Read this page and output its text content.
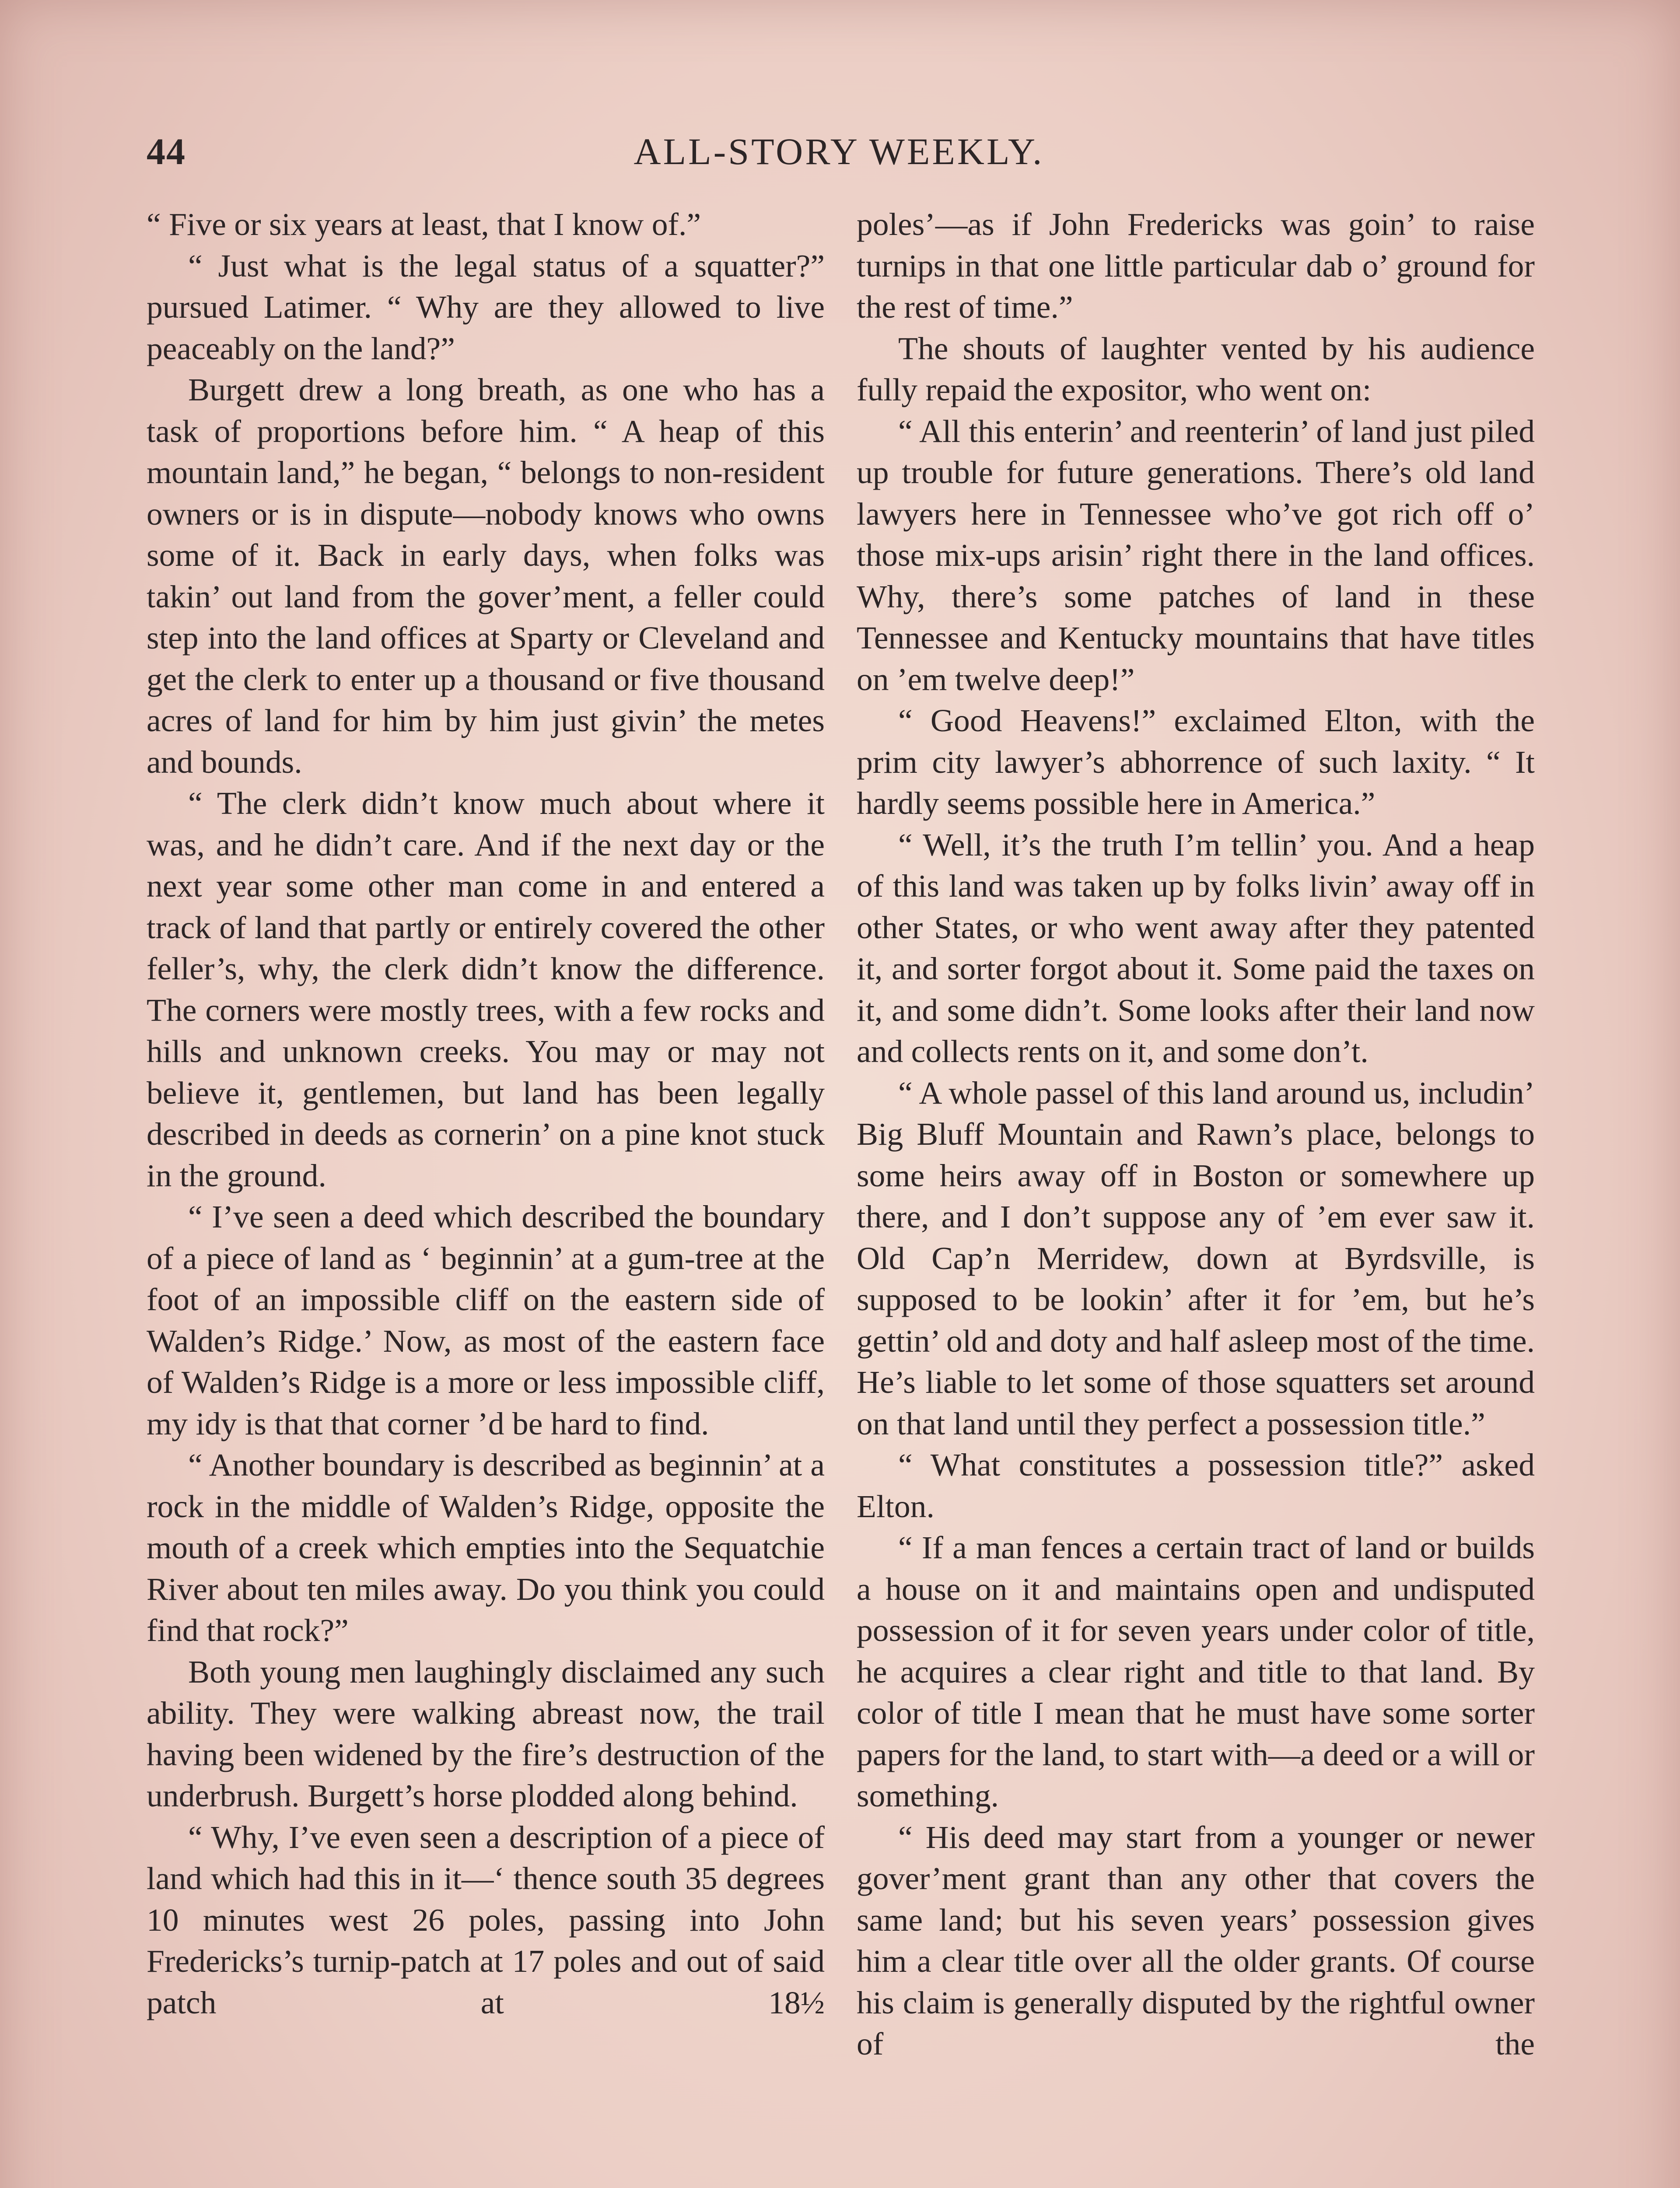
44	ALL-STORY WEEKLY.

“ Five or six years at least, that I know of.”

“ Just what is the legal status of a squatter?” pursued Latimer. “ Why are they allowed to live peaceably on the land?”

Burgett drew a long breath, as one who has a task of proportions before him. “ A heap of this mountain land,” he began, “ belongs to non-resident owners or is in dispute—nobody knows who owns some of it. Back in early days, when folks was takin’ out land from the gover’ment, a feller could step into the land offices at Sparty or Cleveland and get the clerk to enter up a thousand or five thousand acres of land for him by him just givin’ the metes and bounds.

“ The clerk didn’t know much about where it was, and he didn’t care. And if the next day or the next year some other man come in and entered a track of land that partly or entirely covered the other feller’s, why, the clerk didn’t know the difference. The corners were mostly trees, with a few rocks and hills and unknown creeks. You may or may not believe it, gentlemen, but land has been legally described in deeds as cornerin’ on a pine knot stuck in the ground.

“ I’ve seen a deed which described the boundary of a piece of land as ‘ beginnin’ at a gum-tree at the foot of an impossible cliff on the eastern side of Walden’s Ridge.’ Now, as most of the eastern face of Walden’s Ridge is a more or less impossible cliff, my idy is that that corner ’d be hard to find.

“ Another boundary is described as beginnin’ at a rock in the middle of Walden’s Ridge, opposite the mouth of a creek which empties into the Sequatchie River about ten miles away. Do you think you could find that rock?”

Both young men laughingly disclaimed any such ability. They were walking abreast now, the trail having been widened by the fire’s destruction of the underbrush. Burgett’s horse plodded along behind.

“ Why, I’ve even seen a description of a piece of land which had this in it—‘ thence south 35 degrees 10 minutes west 26 poles, passing into John Fredericks’s turnip-patch at 17 poles and out of said patch at 18½

poles’—as if John Fredericks was goin’ to raise turnips in that one little particular dab o’ ground for the rest of time.”

The shouts of laughter vented by his audience fully repaid the expositor, who went on:

“ All this enterin’ and reenterin’ of land just piled up trouble for future generations. There’s old land lawyers here in Tennessee who’ve got rich off o’ those mix-ups arisin’ right there in the land offices. Why, there’s some patches of land in these Tennessee and Kentucky mountains that have titles on ’em twelve deep!”

“ Good Heavens!” exclaimed Elton, with the prim city lawyer’s abhorrence of such laxity. “ It hardly seems possible here in America.”

“ Well, it’s the truth I’m tellin’ you. And a heap of this land was taken up by folks livin’ away off in other States, or who went away after they patented it, and sorter forgot about it. Some paid the taxes on it, and some didn’t. Some looks after their land now and collects rents on it, and some don’t.

“ A whole passel of this land around us, includin’ Big Bluff Mountain and Rawn’s place, belongs to some heirs away off in Boston or somewhere up there, and I don’t suppose any of ’em ever saw it. Old Cap’n Merridew, down at Byrdsville, is supposed to be lookin’ after it for ’em, but he’s gettin’ old and doty and half asleep most of the time. He’s liable to let some of those squatters set around on that land until they perfect a possession title.”

“ What constitutes a possession title?” asked Elton.

“ If a man fences a certain tract of land or builds a house on it and maintains open and undisputed possession of it for seven years under color of title, he acquires a clear right and title to that land. By color of title I mean that he must have some sorter papers for the land, to start with—a deed or a will or something.

“ His deed may start from a younger or newer gover’ment grant than any other that covers the same land; but his seven years’ possession gives him a clear title over all the older grants. Of course his claim is generally disputed by the rightful owner of the
